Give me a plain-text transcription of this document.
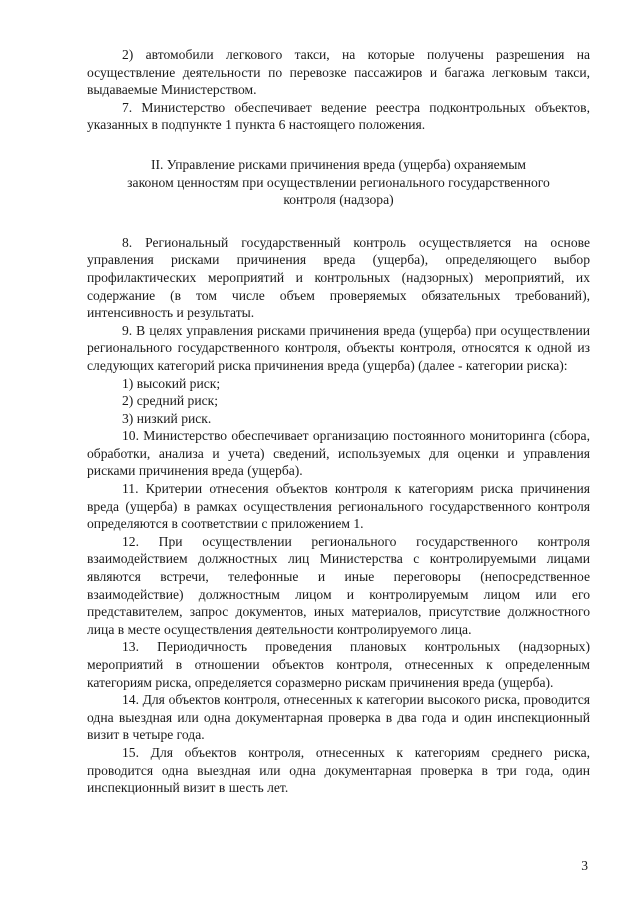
2) автомобили легкового такси, на которые получены разрешения на осуществление деятельности по перевозке пассажиров и багажа легковым такси, выдаваемые Министерством.

7. Министерство обеспечивает ведение реестра подконтрольных объектов, указанных в подпункте 1 пункта 6 настоящего положения.

II. Управление рисками причинения вреда (ущерба) охраняемым
законом ценностям при осуществлении регионального государственного
контроля (надзора)

8. Региональный государственный контроль осуществляется на основе управления рисками причинения вреда (ущерба), определяющего выбор профилактических мероприятий и контрольных (надзорных) мероприятий, их содержание (в том числе объем проверяемых обязательных требований), интенсивность и результаты.

9. В целях управления рисками причинения вреда (ущерба) при осуществлении регионального государственного контроля, объекты контроля, относятся к одной из следующих категорий риска причинения вреда (ущерба) (далее - категории риска):

1) высокий риск;

2) средний риск;

3) низкий риск.

10. Министерство обеспечивает организацию постоянного мониторинга (сбора, обработки, анализа и учета) сведений, используемых для оценки и управления рисками причинения вреда (ущерба).

11. Критерии отнесения объектов контроля к категориям риска причинения вреда (ущерба) в рамках осуществления регионального государственного контроля определяются в соответствии с приложением 1.

12. При осуществлении регионального государственного контроля взаимодействием должностных лиц Министерства с контролируемыми лицами являются встречи, телефонные и иные переговоры (непосредственное взаимодействие) должностным лицом и контролируемым лицом или его представителем, запрос документов, иных материалов, присутствие должностного лица в месте осуществления деятельности контролируемого лица.

13. Периодичность проведения плановых контрольных (надзорных) мероприятий в отношении объектов контроля, отнесенных к определенным категориям риска, определяется соразмерно рискам причинения вреда (ущерба).

14. Для объектов контроля, отнесенных к категории высокого риска, проводится одна выездная или одна документарная проверка в два года и один инспекционный визит в четыре года.

15. Для объектов контроля, отнесенных к категориям среднего риска, проводится одна выездная или одна документарная проверка в три года, один инспекционный визит в шесть лет.

3
